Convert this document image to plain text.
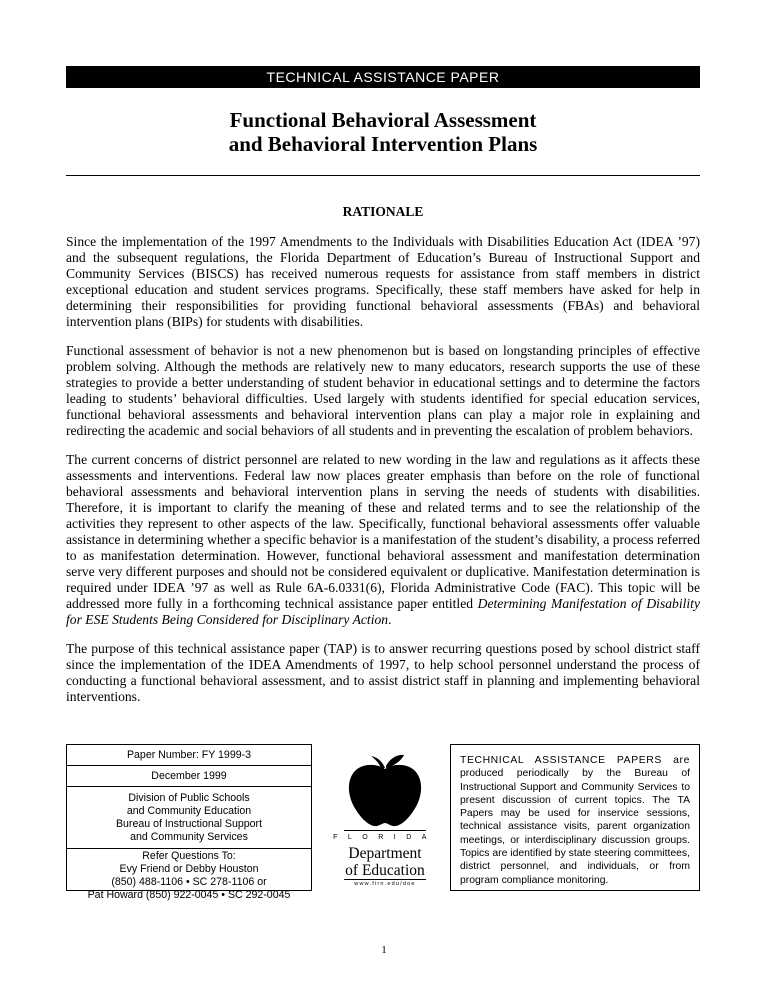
TECHNICAL ASSISTANCE PAPER
Functional Behavioral Assessment
and Behavioral Intervention Plans
RATIONALE

Since the implementation of the 1997 Amendments to the Individuals with Disabilities Education Act (IDEA ’97) and the subsequent regulations, the Florida Department of Education’s Bureau of Instructional Support and Community Services (BISCS) has received numerous requests for assistance from staff members in district exceptional education and student services programs. Specifically, these staff members have asked for help in determining their responsibilities for providing functional behavioral assessments (FBAs) and behavioral intervention plans (BIPs) for students with disabilities.

Functional assessment of behavior is not a new phenomenon but is based on longstanding principles of effective problem solving. Although the methods are relatively new to many educators, research supports the use of these strategies to provide a better understanding of student behavior in educational settings and to determine the factors leading to students’ behavioral difficulties. Used largely with students identified for special education services, functional behavioral assessments and behavioral intervention plans can play a major role in explaining and redirecting the academic and social behaviors of all students and in preventing the escalation of problem behaviors.

The current concerns of district personnel are related to new wording in the law and regulations as it affects these assessments and interventions. Federal law now places greater emphasis than before on the role of functional behavioral assessments and behavioral intervention plans in serving the needs of students with disabilities. Therefore, it is important to clarify the meaning of these and related terms and to see the relationship of the activities they represent to other aspects of the law. Specifically, functional behavioral assessments offer valuable assistance in determining whether a specific behavior is a manifestation of the student’s disability, a process referred to as manifestation determination. However, functional behavioral assessment and manifestation determination serve very different purposes and should not be considered equivalent or duplicative. Manifestation determination is required under IDEA ’97 as well as Rule 6A-6.0331(6), Florida Administrative Code (FAC). This topic will be addressed more fully in a forthcoming technical assistance paper entitled Determining Manifestation of Disability for ESE Students Being Considered for Disciplinary Action.

The purpose of this technical assistance paper (TAP) is to answer recurring questions posed by school district staff since the implementation of the IDEA Amendments of 1997, to help school personnel understand the process of conducting a functional behavioral assessment, and to assist district staff in planning and implementing behavioral interventions.

Paper Number: FY 1999-3
December 1999
Division of Public Schools
and Community Education
Bureau of Instructional Support
and Community Services
Refer Questions To:
Evy Friend or Debby Houston
(850) 488-1106 • SC 278-1106 or
Pat Howard (850) 922-0045 • SC 292-0045
FLORIDA
Department
of Education
www.firn.edu/doe
TECHNICAL ASSISTANCE PAPERS are produced periodically by the Bureau of Instructional Support and Community Services to present discussion of current topics. The TA Papers may be used for inservice sessions, technical assistance visits, parent organization meetings, or interdisciplinary discussion groups. Topics are identified by state steering committees, district personnel, and individuals, or from program compliance monitoring.
1
